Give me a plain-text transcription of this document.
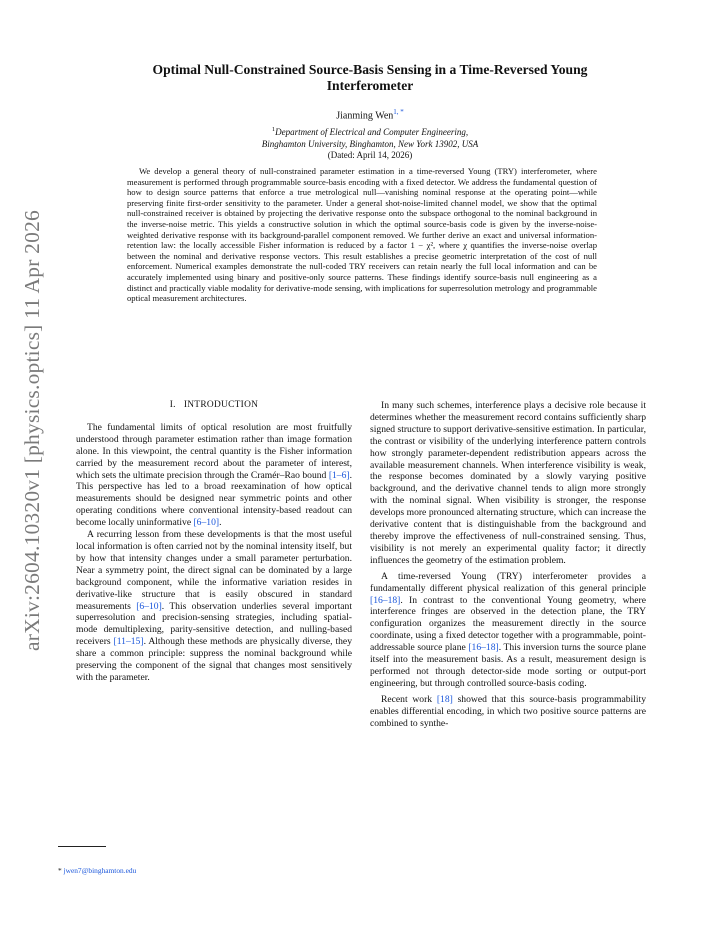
arXiv:2604.10320v1 [physics.optics] 11 Apr 2026
Optimal Null-Constrained Source-Basis Sensing in a Time-Reversed Young
Interferometer
Jianming Wen$^{1, *}$
$^1$Department of Electrical and Computer Engineering,
Binghamton University, Binghamton, New York 13902, USA
(Dated: April 14, 2026)

We develop a general theory of null-constrained parameter estimation in a time-reversed Young (TRY) interferometer, where measurement is performed through programmable source-basis encoding with a fixed detector. We address the fundamental question of how to design source patterns that enforce a true metrological null—vanishing nominal response at the operating point—while preserving finite first-order sensitivity to the parameter. Under a general shot-noise-limited channel model, we show that the optimal null-constrained receiver is obtained by projecting the derivative response onto the subspace orthogonal to the nominal background in the inverse-noise metric. This yields a constructive solution in which the optimal source-basis code is given by the inverse-noise-weighted derivative response with its background-parallel component removed. We further derive an exact and universal information-retention law: the locally accessible Fisher information is reduced by a factor 1 − χ², where χ quantifies the inverse-noise overlap between the nominal and derivative response vectors. This result establishes a precise geometric interpretation of the cost of null enforcement. Numerical examples demonstrate the null-coded TRY receivers can retain nearly the full local information and can be accurately implemented using binary and positive-only source patterns. These findings identify source-basis null engineering as a distinct and practically viable modality for derivative-mode sensing, with implications for superresolution metrology and programmable optical measurement architectures.

I. INTRODUCTION

The fundamental limits of optical resolution are most fruitfully understood through parameter estimation rather than image formation alone. In this viewpoint, the central quantity is the Fisher information carried by the measurement record about the parameter of interest, which sets the ultimate precision through the Cramér–Rao bound [1–6]. This perspective has led to a broad reexamination of how optical measurements should be designed near symmetric points and other operating conditions where conventional intensity-based readout can become locally uninformative [6–10].

A recurring lesson from these developments is that the most useful local information is often carried not by the nominal intensity itself, but by how that intensity changes under a small parameter perturbation. Near a symmetry point, the direct signal can be dominated by a large background component, while the informative variation resides in derivative-like structure that is easily obscured in standard measurements [6–10]. This observation underlies several important superresolution and precision-sensing strategies, including spatial-mode demultiplexing, parity-sensitive detection, and nulling-based receivers [11–15]. Although these methods are physically diverse, they share a common principle: suppress the nominal background while preserving the component of the signal that changes most sensitively with the parameter.

In many such schemes, interference plays a decisive role because it determines whether the measurement record contains sufficiently sharp signed structure to support derivative-sensitive estimation. In particular, the contrast or visibility of the underlying interference pattern controls how strongly parameter-dependent redistribution appears across the available measurement channels. When interference visibility is weak, the response becomes dominated by a slowly varying positive background, and the derivative channel tends to align more strongly with the nominal signal. When visibility is stronger, the response develops more pronounced alternating structure, which can increase the derivative content that is distinguishable from the background and thereby improve the effectiveness of null-constrained sensing. Thus, visibility is not merely an experimental quality factor; it directly influences the geometry of the estimation problem.

A time-reversed Young (TRY) interferometer provides a fundamentally different physical realization of this general principle [16–18]. In contrast to the conventional Young geometry, where interference fringes are observed in the detection plane, the TRY configuration organizes the measurement directly in the source coordinate, using a fixed detector together with a programmable, point-addressable source plane [16–18]. This inversion turns the source plane itself into the measurement basis. As a result, measurement design is performed not through detector-side mode sorting or output-port engineering, but through controlled source-basis coding.

Recent work [18] showed that this source-basis programmability enables differential encoding, in which two positive source patterns are combined to synthe-

* jwen7@binghamton.edu
